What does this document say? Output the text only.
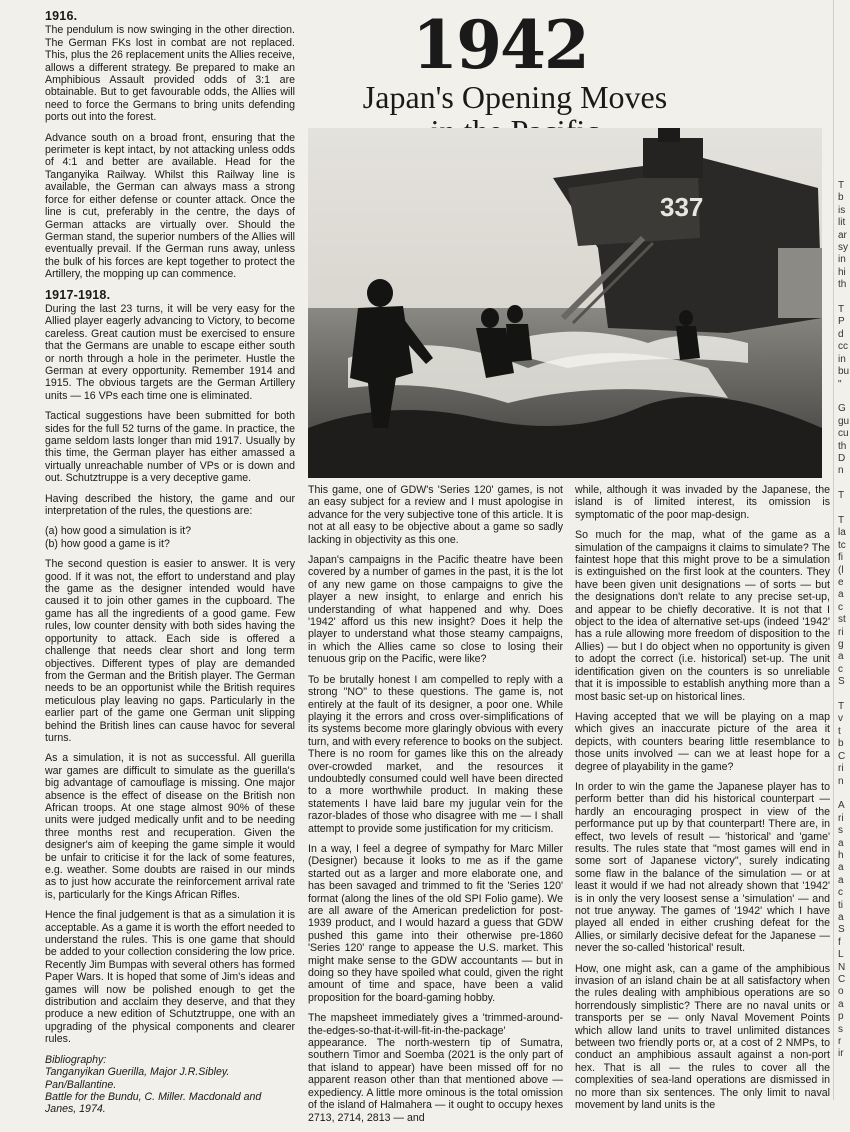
1916.

The pendulum is now swinging in the other direction. The German FKs lost in combat are not replaced. This, plus the 26 replacement units the Allies receive, allows a different strategy. Be prepared to make an Amphibious Assault provided odds of 3:1 are obtainable. But to get favourable odds, the Allies will need to force the Germans to bring units defending ports out into the forest.

Advance south on a broad front, ensuring that the perimeter is kept intact, by not attacking unless odds of 4:1 and better are available. Head for the Tanganyika Railway. Whilst this Railway line is available, the German can always mass a strong force for either defense or counter attack. Once the line is cut, preferably in the centre, the days of German attacks are virtually over. Should the German stand, the superior numbers of the Allies will eventually prevail. If the German runs away, unless the bulk of his forces are kept together to protect the Artillery, the mopping up can commence.

1917-1918.

During the last 23 turns, it will be very easy for the Allied player eagerly advancing to Victory, to become careless. Great caution must be exercised to ensure that the Germans are unable to escape either south or north through a hole in the perimeter. Hustle the German at every opportunity. Remember 1914 and 1915. The obvious targets are the German Artillery units — 16 VPs each time one is eliminated.

Tactical suggestions have been submitted for both sides for the full 52 turns of the game. In practice, the game seldom lasts longer than mid 1917. Usually by this time, the German player has either amassed a virtually unreachable number of VPs or is down and out. Schutztruppe is a very deceptive game.

Having described the history, the game and our interpretation of the rules, the questions are:

(a) how good a simulation is it?
(b) how good a game is it?

The second question is easier to answer. It is very good. If it was not, the effort to understand and play the game as the designer intended would have caused it to join other games in the cupboard. The game has all the ingredients of a good game. Few rules, low counter density with both sides having the opportunity to attack. Each side is offered a challenge that needs clear short and long term objectives. Different types of play are demanded from the German and the British player. The German needs to be an opportunist while the British requires meticulous play leaving no gaps. Particularly in the earlier part of the game one German unit slipping behind the British lines can cause havoc for several turns.

As a simulation, it is not as successful. All guerilla war games are difficult to simulate as the guerilla's big advantage of camouflage is missing. One major absence is the effect of disease on the British non African troops. At one stage almost 90% of these units were judged medically unfit and to be needing three months rest and recuperation. Given the designer's aim of keeping the game simple it would be unfair to criticise it for the lack of some features, e.g. weather. Some doubts are raised in our minds as to just how accurate the reinforcement arrival rate is, particularly for the Kings African Rifles.

Hence the final judgement is that as a simulation it is acceptable. As a game it is worth the effort needed to understand the rules. This is one game that should be added to your collection considering the low price. Recently Jim Bumpas with several others has formed Paper Wars. It is hoped that some of Jim's ideas and games will now be polished enough to get the distribution and acclaim they deserve, and that they produce a new edition of Schutztruppe, one with an upgrading of the physical components and clearer rules.

Bibliography:
Tanganyikan Guerilla, Major J.R.Sibley.
Pan/Ballantine.
Battle for the Bundu, C. Miller. Macdonald and
Janes, 1974.
1942
Japan's Opening Moves
337

This game, one of GDW's 'Series 120' games, is not an easy subject for a review and I must apologise in advance for the very subjective tone of this article. It is not at all easy to be objective about a game so sadly lacking in objectivity as this one.

Japan's campaigns in the Pacific theatre have been covered by a number of games in the past, it is the lot of any new game on those campaigns to give the player a new insight, to enlarge and enrich his understanding of what happened and why. Does '1942' afford us this new insight? Does it help the player to understand what those steamy campaigns, in which the Allies came so close to losing their tenuous grip on the Pacific, were like?

To be brutally honest I am compelled to reply with a strong "NO" to these questions. The game is, not entirely at the fault of its designer, a poor one. While playing it the errors and cross over-simplifications of its systems become more glaringly obvious with every turn, and with every reference to books on the subject. There is no room for games like this on the already over-crowded market, and the resources it undoubtedly consumed could well have been directed to a more worthwhile product. In making these statements I have laid bare my jugular vein for the razor-blades of those who disagree with me — I shall attempt to provide some justification for my criticism.

In a way, I feel a degree of sympathy for Marc Miller (Designer) because it looks to me as if the game started out as a larger and more elaborate one, and has been savaged and trimmed to fit the 'Series 120' format (along the lines of the old SPI Folio game). We are all aware of the American predeliction for post-1939 product, and I would hazard a guess that GDW pushed this game into their otherwise pre-1860 'Series 120' range to appease the U.S. market. This might make sense to the GDW accountants — but in doing so they have spoiled what could, given the right amount of time and space, have been a valid proposition for the board-gaming hobby.

The mapsheet immediately gives a 'trimmed-around-the-edges-so-that-it-will-fit-in-the-package' appearance. The north-western tip of Sumatra, southern Timor and Soemba (2021 is the only part of that island to appear) have been missed off for no apparent reason other than that mentioned above — expediency. A little more ominous is the total omission of the island of Halmahera — it ought to occupy hexes 2713, 2714, 2813 — and

while, although it was invaded by the Japanese, the island is of limited interest, its omission is symptomatic of the poor map-design.

So much for the map, what of the game as a simulation of the campaigns it claims to simulate? The faintest hope that this might prove to be a simulation is extinguished on the first look at the counters. They have been given unit designations — of sorts — but the designations don't relate to any precise set-up, and appear to be chiefly decorative. It is not that I object to the idea of alternative set-ups (indeed '1942' has a rule allowing more freedom of disposition to the Allies) — but I do object when no opportunity is given to adopt the correct (i.e. historical) set-up. The unit identification given on the counters is so unreliable that it is impossible to establish anything more than a most basic set-up on historical lines.

Having accepted that we will be playing on a map which gives an inaccurate picture of the area it depicts, with counters bearing little resemblance to those units involved — can we at least hope for a degree of playability in the game?

In order to win the game the Japanese player has to perform better than did his historical counterpart — hardly an encouraging prospect in view of the performance put up by that counterpart! There are, in effect, two levels of result — 'historical' and 'game' results. The rules state that "most games will end in some sort of Japanese victory", surely indicating some flaw in the balance of the simulation — or at least it would if we had not already shown that '1942' is in only the very loosest sense a 'simulation' — and not true anyway. The games of '1942' which I have played all ended in either crushing defeat for the Allies, or similarly decisive defeat for the Japanese — never the so-called 'historical' result.

How, one might ask, can a game of the amphibious invasion of an island chain be at all satisfactory when the rules dealing with amphibious operations are so horrendously simplistic? There are no naval units or transports per se — only Naval Movement Points which allow land units to travel unlimited distances between two friendly ports or, at a cost of 2 NMPs, to conduct an amphibious assault against a non-port hex. That is all — the rules to cover all the complexities of sea-land operations are dismissed in no more than six sentences. The only limit to naval movement by land units is the

T
b
is
lit
ar
sy
in
hi
th

T
P
d
cc
in
bu
"

G
gu
cu
th
D
n

T

T
la
tc
fi
(l
e
a
c
st
ri
g
a
c
S

T
v
t
b
C
ri
n

A
ri
s
a
h
a
a
c
ti
a
S
f
L
N
C
o
a
p
s
r
ir
